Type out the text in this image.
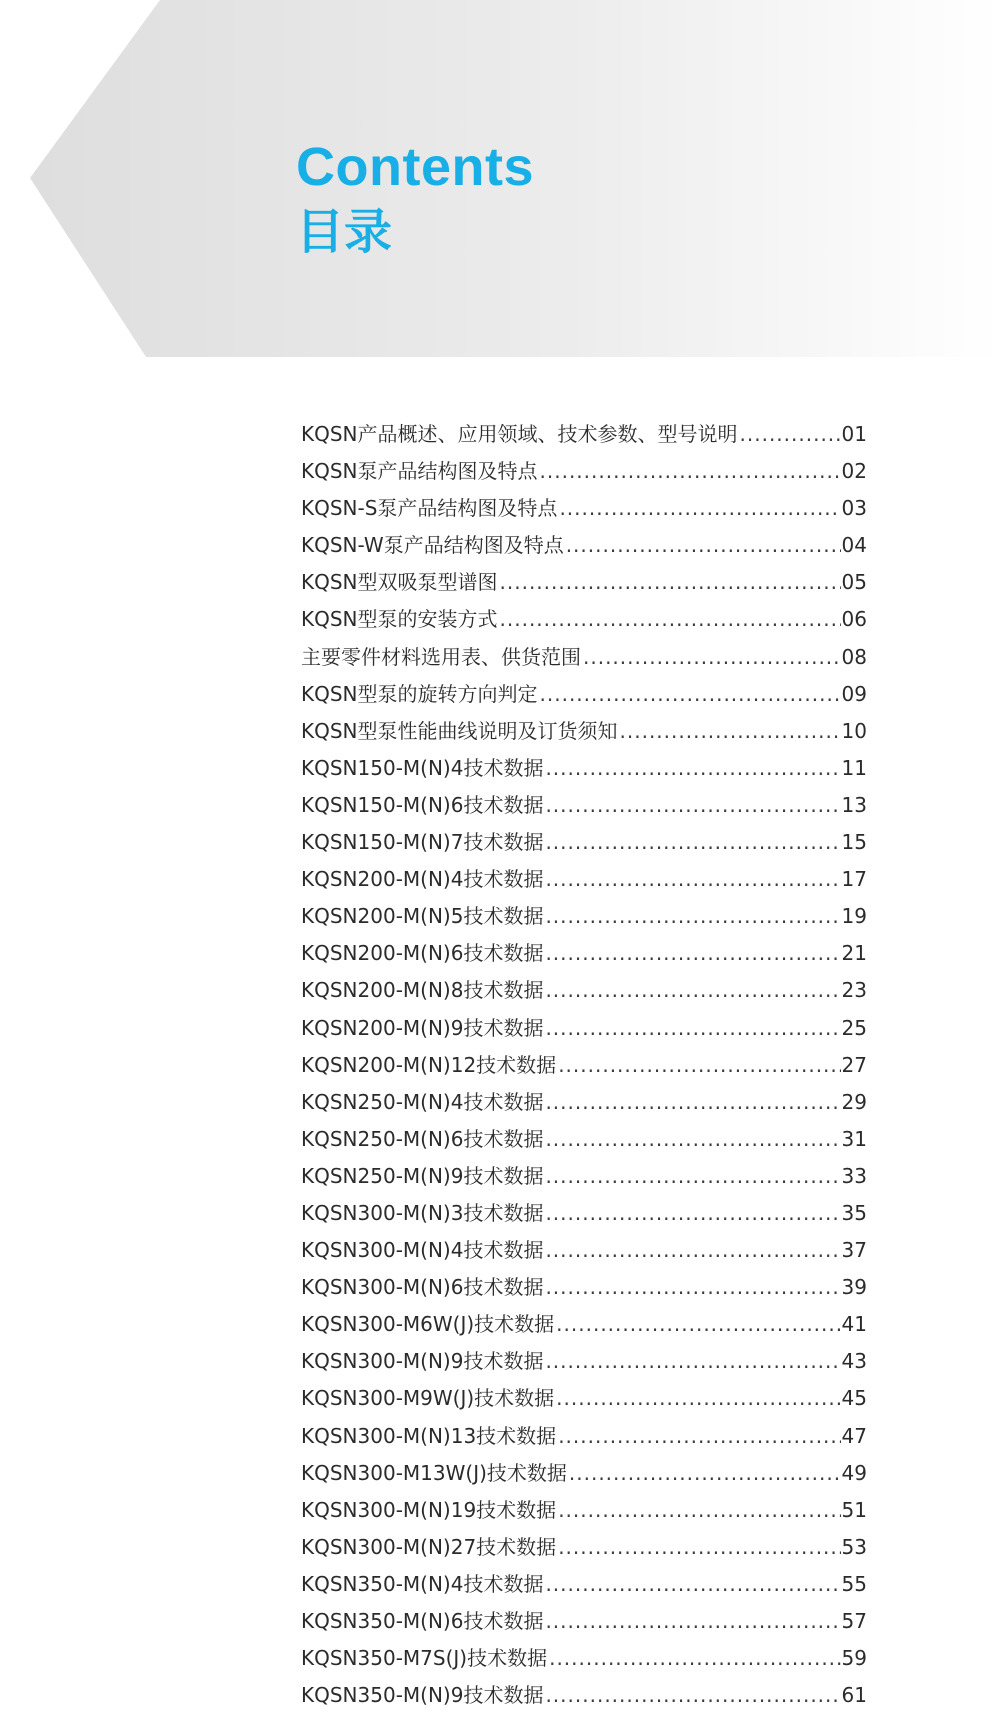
Contents
目录
KQSN产品概述、应用领域、技术参数、型号说明 .....	01
KQSN泵产品结构图及特点 .....	02
KQSN-S泵产品结构图及特点 .....	03
KQSN-W泵产品结构图及特点 .....	04
KQSN型双吸泵型谱图 .....	05
KQSN型泵的安装方式 .....	06
主要零件材料选用表、供货范围 .....	08
KQSN型泵的旋转方向判定 .....	09
KQSN型泵性能曲线说明及订货须知 .....	10
KQSN150-M(N)4技术数据 .....	11
KQSN150-M(N)6技术数据 .....	13
KQSN150-M(N)7技术数据 .....	15
KQSN200-M(N)4技术数据 .....	17
KQSN200-M(N)5技术数据 .....	19
KQSN200-M(N)6技术数据 .....	21
KQSN200-M(N)8技术数据 .....	23
KQSN200-M(N)9技术数据 .....	25
KQSN200-M(N)12技术数据 .....	27
KQSN250-M(N)4技术数据 .....	29
KQSN250-M(N)6技术数据 .....	31
KQSN250-M(N)9技术数据 .....	33
KQSN300-M(N)3技术数据 .....	35
KQSN300-M(N)4技术数据 .....	37
KQSN300-M(N)6技术数据 .....	39
KQSN300-M6W(J)技术数据 .....	41
KQSN300-M(N)9技术数据 .....	43
KQSN300-M9W(J)技术数据 .....	45
KQSN300-M(N)13技术数据 .....	47
KQSN300-M13W(J)技术数据 .....	49
KQSN300-M(N)19技术数据 .....	51
KQSN300-M(N)27技术数据 .....	53
KQSN350-M(N)4技术数据 .....	55
KQSN350-M(N)6技术数据 .....	57
KQSN350-M7S(J)技术数据 .....	59
KQSN350-M(N)9技术数据 .....	61
